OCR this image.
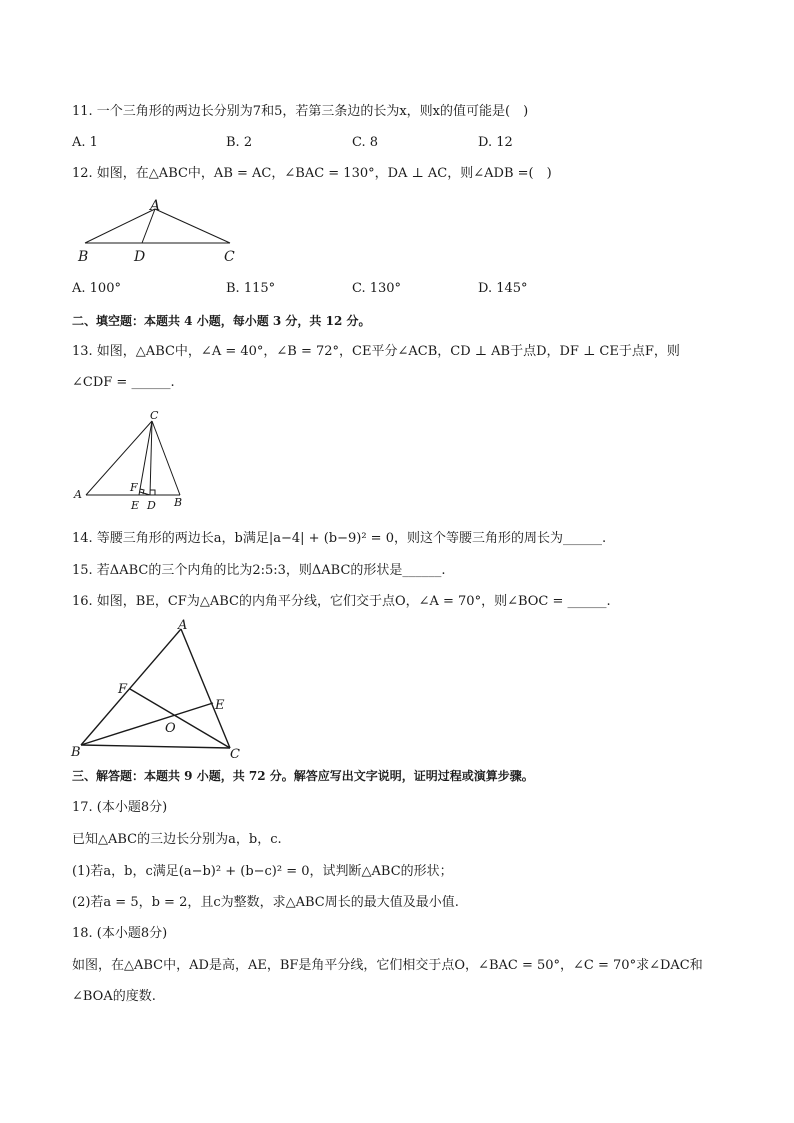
11. 一个三角形的两边长分别为7和5，若第三条边的长为x，则x的值可能是(　)
A. 1	B. 2	C. 8	D. 12
12. 如图，在△ABC中，AB = AC，∠BAC = 130°，DA ⊥ AC，则∠ADB =(　)
A
B	D	C
A. 100°	B. 115°	C. 130°	D. 145°
二、填空题：本题共 4 小题，每小题 3 分，共 12 分。
13. 如图，△ABC中，∠A = 40°，∠B = 72°，CE平分∠ACB，CD ⊥ AB于点D，DF ⊥ CE于点F，则
∠CDF = ______.
C
A
F
E D B
14. 等腰三角形的两边长a，b满足|a−4| + (b−9)² = 0，则这个等腰三角形的周长为______.
15. 若ΔABC的三个内角的比为2:5:3，则ΔABC的形状是______.
16. 如图，BE，CF为△ABC的内角平分线，它们交于点O，∠A = 70°，则∠BOC = ______.
A
F
E
O
B	C
三、解答题：本题共 9 小题，共 72 分。解答应写出文字说明，证明过程或演算步骤。
17. (本小题8分)
已知△ABC的三边长分别为a，b，c.
(1)若a，b，c满足(a−b)² + (b−c)² = 0，试判断△ABC的形状；
(2)若a = 5，b = 2，且c为整数，求△ABC周长的最大值及最小值.
18. (本小题8分)
如图，在△ABC中，AD是高，AE，BF是角平分线，它们相交于点O，∠BAC = 50°，∠C = 70°求∠DAC和
∠BOA的度数.
